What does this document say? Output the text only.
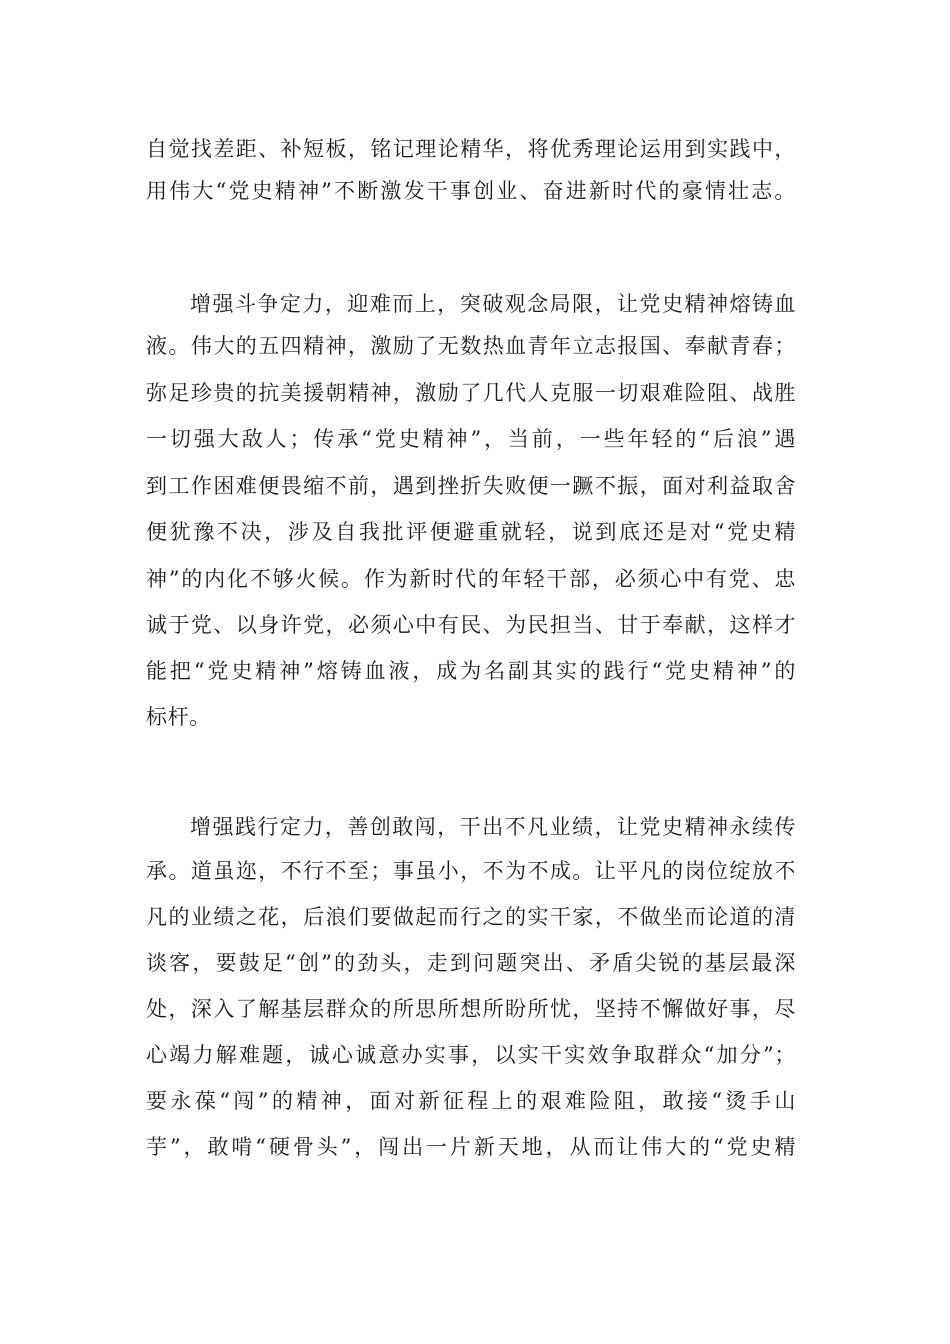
自觉找差距、补短板，铭记理论精华，将优秀理论运用到实践中，
用伟大“党史精神”不断激发干事创业、奋进新时代的豪情壮志。
增强斗争定力，迎难而上，突破观念局限，让党史精神熔铸血
液。伟大的五四精神，激励了无数热血青年立志报国、奉献青春；
弥足珍贵的抗美援朝精神，激励了几代人克服一切艰难险阻、战胜
一切强大敌人；传承“党史精神”，当前，一些年轻的“后浪”遇
到工作困难便畏缩不前，遇到挫折失败便一蹶不振，面对利益取舍
便犹豫不决，涉及自我批评便避重就轻，说到底还是对“党史精
神”的内化不够火候。作为新时代的年轻干部，必须心中有党、忠
诚于党、以身许党，必须心中有民、为民担当、甘于奉献，这样才
能把“党史精神”熔铸血液，成为名副其实的践行“党史精神”的
标杆。
增强践行定力，善创敢闯，干出不凡业绩，让党史精神永续传
承。道虽迩，不行不至；事虽小，不为不成。让平凡的岗位绽放不
凡的业绩之花，后浪们要做起而行之的实干家，不做坐而论道的清
谈客，要鼓足“创”的劲头，走到问题突出、矛盾尖锐的基层最深
处，深入了解基层群众的所思所想所盼所忧，坚持不懈做好事，尽
心竭力解难题，诚心诚意办实事，以实干实效争取群众“加分”；
要永葆“闯”的精神，面对新征程上的艰难险阻，敢接“烫手山
芋”，敢啃“硬骨头”，闯出一片新天地，从而让伟大的“党史精
